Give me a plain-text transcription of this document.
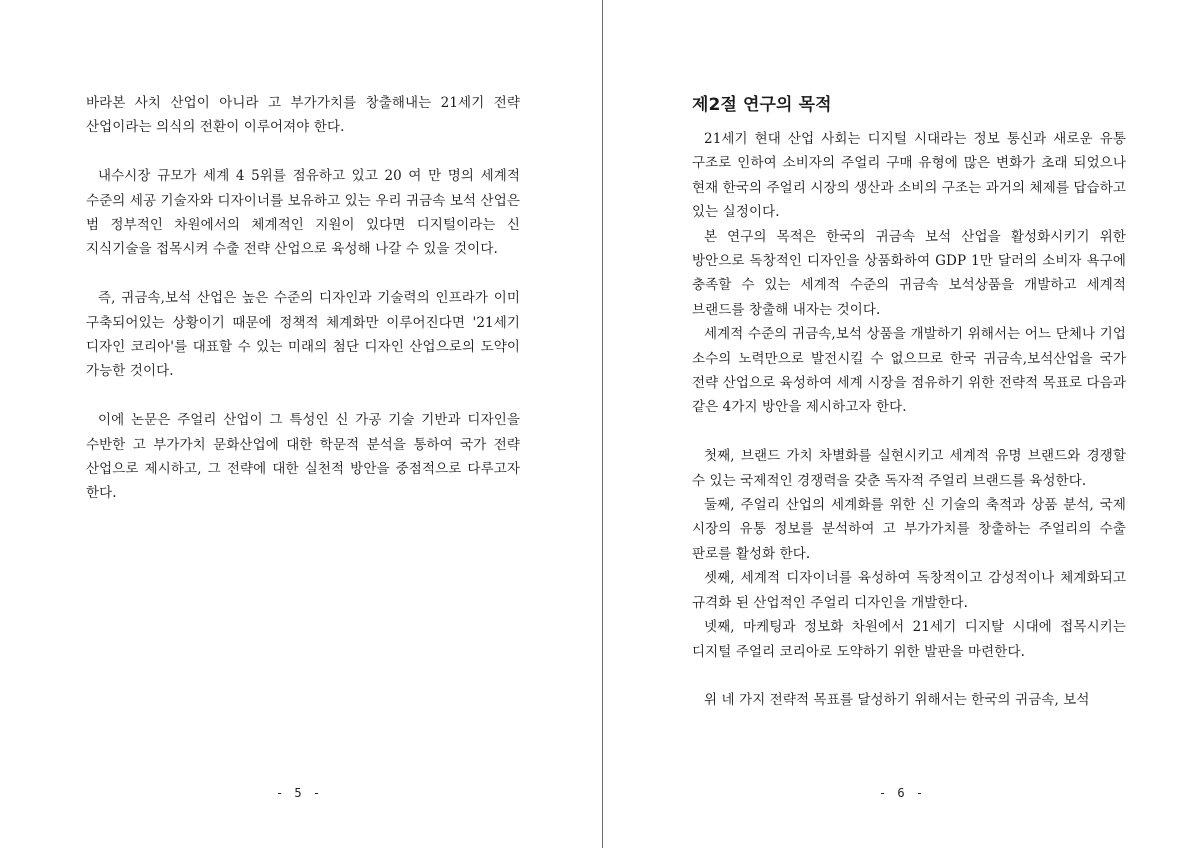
바라본 사치 산업이 아니라 고 부가가치를 창출해내는 21세기 전략 산업이라는 의식의 전환이 이루어져야 한다.

내수시장 규모가 세계 4 5위를 점유하고 있고 20 여 만 명의 세계적 수준의 세공 기술자와 디자이너를 보유하고 있는 우리 귀금속 보석 산업은 범 정부적인 차원에서의 체계적인 지원이 있다면 디지털이라는 신 지식기술을 접목시켜 수출 전략 산업으로 육성해 나갈 수 있을 것이다.

즉, 귀금속,보석 산업은 높은 수준의 디자인과 기술력의 인프라가 이미 구축되어있는 상황이기 때문에 정책적 체계화만 이루어진다면 '21세기 디자인 코리아'를 대표할 수 있는 미래의 첨단 디자인 산업으로의 도약이 가능한 것이다.

이에 논문은 주얼리 산업이 그 특성인 신 가공 기술 기반과 디자인을 수반한 고 부가가치 문화산업에 대한 학문적 분석을 통하여 국가 전략 산업으로 제시하고, 그 전략에 대한 실천적 방안을 중점적으로 다루고자 한다.

- 5 -
제2절 연구의 목적

21세기 현대 산업 사회는 디지털 시대라는 정보 통신과 새로운 유통 구조로 인하여 소비자의 주얼리 구매 유형에 많은 변화가 초래 되었으나 현재 한국의 주얼리 시장의 생산과 소비의 구조는 과거의 체제를 답습하고 있는 실정이다.

본 연구의 목적은 한국의 귀금속 보석 산업을 활성화시키기 위한 방안으로 독창적인 디자인을 상품화하여 GDP 1만 달러의 소비자 욕구에 충족할 수 있는 세계적 수준의 귀금속 보석상품을 개발하고 세계적 브랜드를 창출해 내자는 것이다.

세계적 수준의 귀금속,보석 상품을 개발하기 위해서는 어느 단체나 기업 소수의 노력만으로 발전시킬 수 없으므로 한국 귀금속,보석산업을 국가 전략 산업으로 육성하여 세계 시장을 점유하기 위한 전략적 목표로 다음과 같은 4가지 방안을 제시하고자 한다.

첫째, 브랜드 가치 차별화를 실현시키고 세계적 유명 브랜드와 경쟁할 수 있는 국제적인 경쟁력을 갖춘 독자적 주얼리 브랜드를 육성한다.

둘째, 주얼리 산업의 세계화를 위한 신 기술의 축적과 상품 분석, 국제 시장의 유통 정보를 분석하여 고 부가가치를 창출하는 주얼리의 수출 판로를 활성화 한다.

셋째, 세계적 디자이너를 육성하여 독창적이고 감성적이나 체계화되고 규격화 된 산업적인 주얼리 디자인을 개발한다.

넷째, 마케팅과 정보화 차원에서 21세기 디지탈 시대에 접목시키는 디지털 주얼리 코리아로 도약하기 위한 발판을 마련한다.

위 네 가지 전략적 목표를 달성하기 위해서는 한국의 귀금속, 보석

- 6 -
